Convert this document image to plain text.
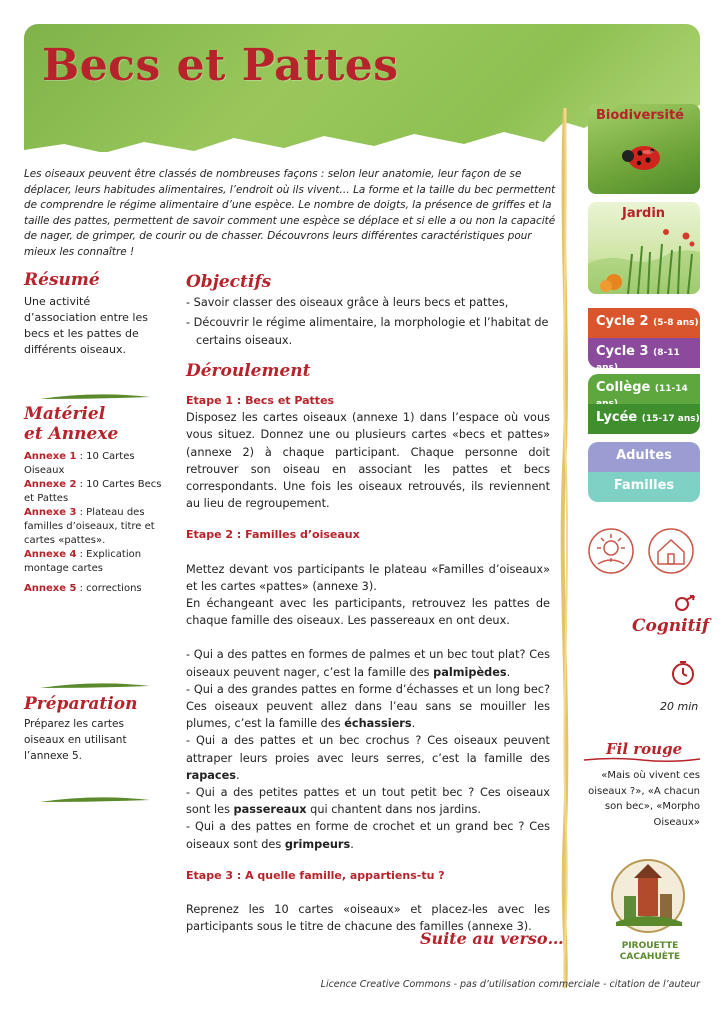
Becs et Pattes
Les oiseaux peuvent être classés de nombreuses façons : selon leur anatomie, leur façon de se déplacer, leurs habitudes alimentaires, l’endroit où ils vivent… La forme et la taille du bec permettent de comprendre le régime alimentaire d’une espèce. Le nombre de doigts, la présence de griffes et la taille des pattes, permettent de savoir comment une espèce se déplace et si elle a ou non la capacité de nager, de grimper, de courir ou de chasser. Découvrons leurs différentes caractéristiques pour mieux les connaître !
Résumé
Une activité d’association entre les becs et les pattes de différents oiseaux.
Matériel
et Annexe
Annexe 1 : 10 Cartes Oiseaux
Annexe 2 : 10 Cartes Becs et Pattes
Annexe 3 : Plateau des familles d’oiseaux, titre et cartes «pattes».
Annexe 4 : Explication montage cartes
Annexe 5 : corrections
Préparation
Préparez les cartes oiseaux en utilisant l’annexe 5.
Objectifs
- Savoir classer des oiseaux grâce à leurs becs et pattes,
- Découvrir le régime alimentaire, la morphologie et l’habitat de certains oiseaux.
Déroulement
Etape 1 : Becs et Pattes
Disposez les cartes oiseaux (annexe 1) dans l’espace où vous vous situez. Donnez une ou plusieurs cartes «becs et pattes» (annexe 2) à chaque participant. Chaque personne doit retrouver son oiseau en associant les pattes et becs correspondants. Une fois les oiseaux retrouvés, ils reviennent au lieu de regroupement.
Etape 2 : Familles d’oiseaux
Mettez devant vos participants le plateau «Familles d’oiseaux» et les cartes «pattes» (annexe 3).
En échangeant avec les participants, retrouvez les pattes de chaque famille des oiseaux. Les passereaux en ont deux.
- Qui a des pattes en formes de palmes et un bec tout plat? Ces oiseaux peuvent nager, c’est la famille des palmipèdes.
- Qui a des grandes pattes en forme d’échasses et un long bec? Ces oiseaux peuvent allez dans l’eau sans se mouiller les plumes, c’est la famille des échassiers.
- Qui a des pattes et un bec crochus ? Ces oiseaux peuvent attraper leurs proies avec leurs serres, c’est la famille des rapaces.
- Qui a des petites pattes et un tout petit bec ? Ces oiseaux sont les passereaux qui chantent dans nos jardins.
- Qui a des pattes en forme de crochet et un grand bec ? Ces oiseaux sont des grimpeurs.
Etape 3 : A quelle famille, appartiens-tu ?
Reprenez les 10 cartes «oiseaux» et placez-les avec les participants sous le titre de chacune des familles (annexe 3).
Suite au verso…
Biodiversité
Jardin
Cycle 2 (5-8 ans)
Cycle 3 (8-11 ans)
Collège (11-14
Lycée (15-17 ans)
Adultes
Familles
Cognitif
20 min
Fil rouge
«Mais où vivent ces oiseaux ?», «A chacun son bec», «Morpho Oiseaux»
PIROUETTE
CACAHUÈTE
Licence Creative Commons - pas d’utilisation commerciale - citation de l’auteur
